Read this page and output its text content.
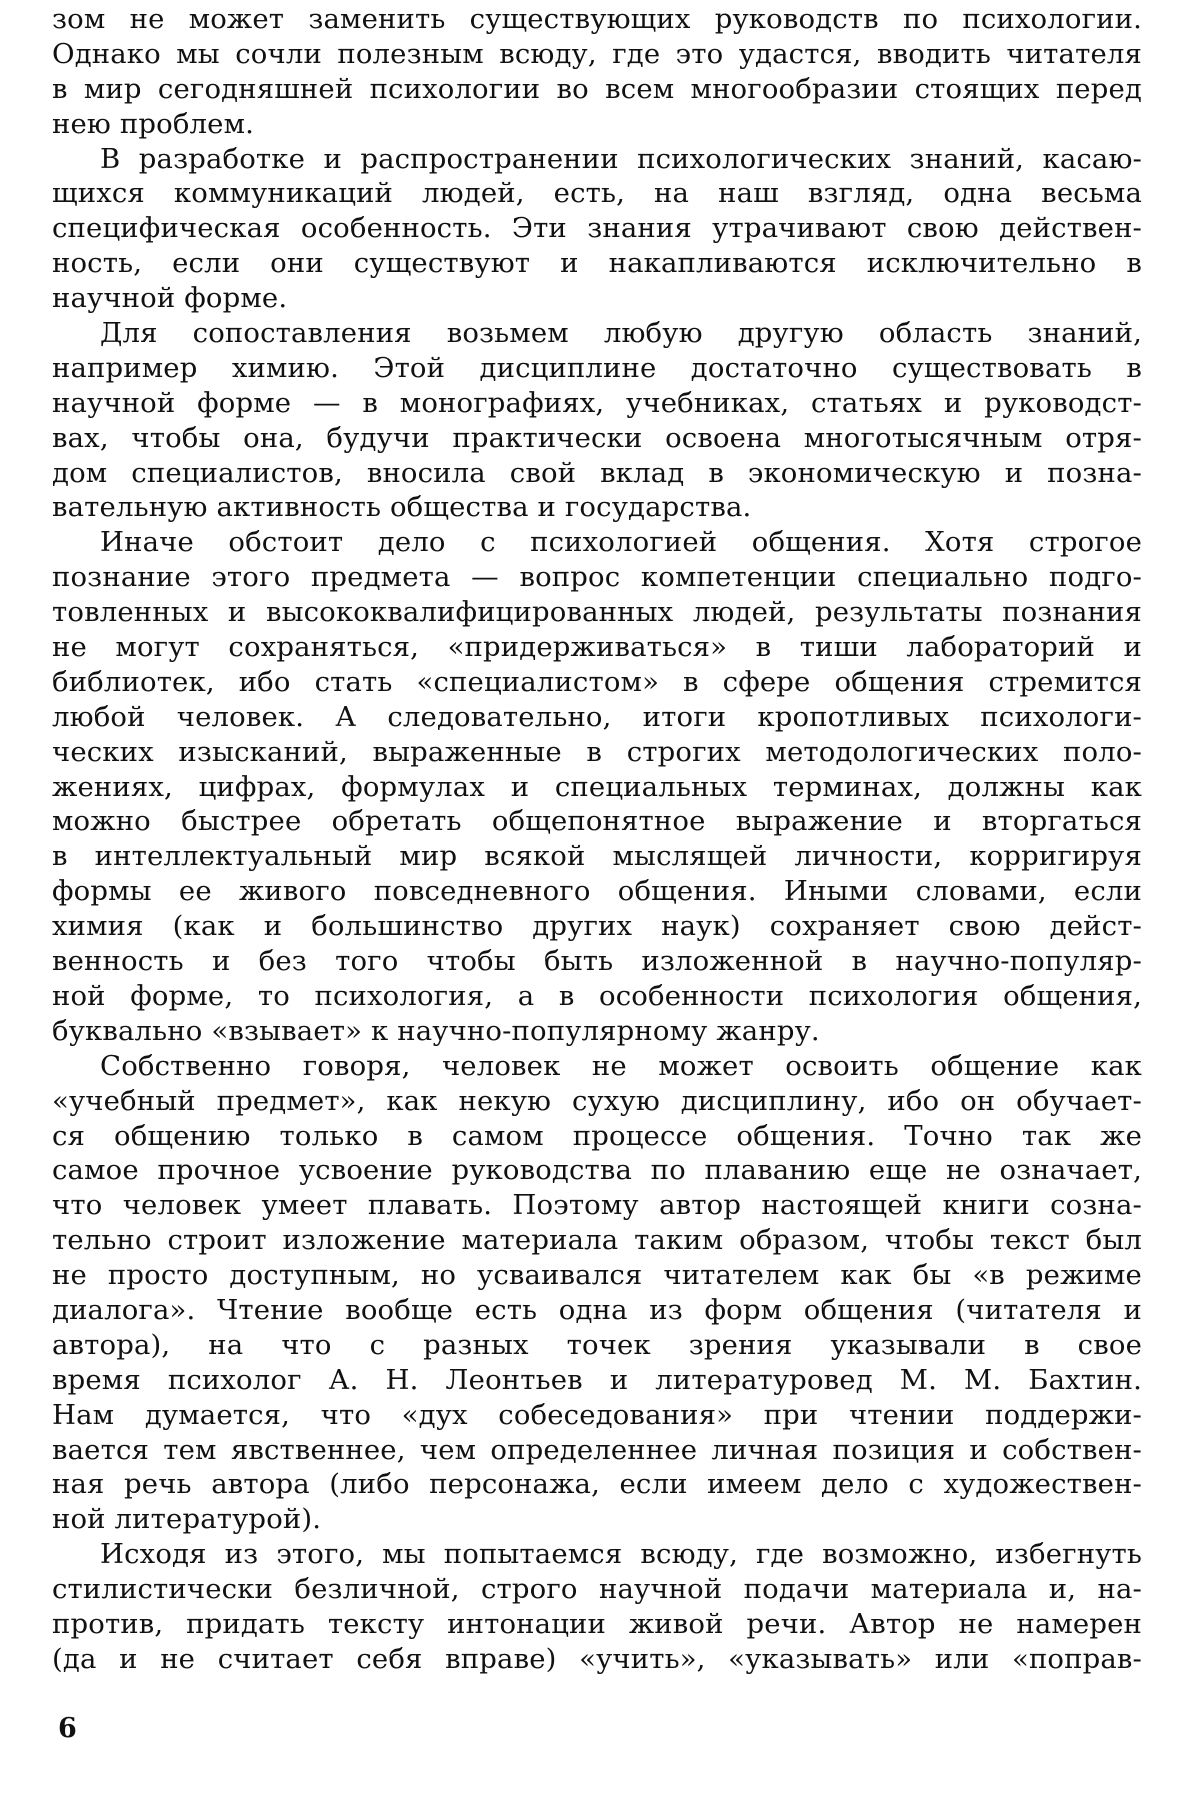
зом не может заменить существующих руководств по психологии.
Однако мы сочли полезным всюду, где это удастся, вводить читателя
в мир сегодняшней психологии во всем многообразии стоящих перед
нею проблем.
В разработке и распространении психологических знаний, касаю-
щихся коммуникаций людей, есть, на наш взгляд, одна весьма
специфическая особенность. Эти знания утрачивают свою действен-
ность, если они существуют и накапливаются исключительно в
научной форме.
Для сопоставления возьмем любую другую область знаний,
например химию. Этой дисциплине достаточно существовать в
научной форме — в монографиях, учебниках, статьях и руководст-
вах, чтобы она, будучи практически освоена многотысячным отря-
дом специалистов, вносила свой вклад в экономическую и позна-
вательную активность общества и государства.
Иначе обстоит дело с психологией общения. Хотя строгое
познание этого предмета — вопрос компетенции специально подго-
товленных и высококвалифицированных людей, результаты познания
не могут сохраняться, «придерживаться» в тиши лабораторий и
библиотек, ибо стать «специалистом» в сфере общения стремится
любой человек. А следовательно, итоги кропотливых психологи-
ческих изысканий, выраженные в строгих методологических поло-
жениях, цифрах, формулах и специальных терминах, должны как
можно быстрее обретать общепонятное выражение и вторгаться
в интеллектуальный мир всякой мыслящей личности, корригируя
формы ее живого повседневного общения. Иными словами, если
химия (как и большинство других наук) сохраняет свою дейст-
венность и без того чтобы быть изложенной в научно-популяр-
ной форме, то психология, а в особенности психология общения,
буквально «взывает» к научно-популярному жанру.
Собственно говоря, человек не может освоить общение как
«учебный предмет», как некую сухую дисциплину, ибо он обучает-
ся общению только в самом процессе общения. Точно так же
самое прочное усвоение руководства по плаванию еще не означает,
что человек умеет плавать. Поэтому автор настоящей книги созна-
тельно строит изложение материала таким образом, чтобы текст был
не просто доступным, но усваивался читателем как бы «в режиме
диалога». Чтение вообще есть одна из форм общения (читателя и
автора), на что с разных точек зрения указывали в свое
время психолог А. Н. Леонтьев и литературовед М. М. Бахтин.
Нам думается, что «дух собеседования» при чтении поддержи-
вается тем явственнее, чем определеннее личная позиция и собствен-
ная речь автора (либо персонажа, если имеем дело с художествен-
ной литературой).
Исходя из этого, мы попытаемся всюду, где возможно, избегнуть
стилистически безличной, строго научной подачи материала и, на-
против, придать тексту интонации живой речи. Автор не намерен
(да и не считает себя вправе) «учить», «указывать» или «поправ-
6
